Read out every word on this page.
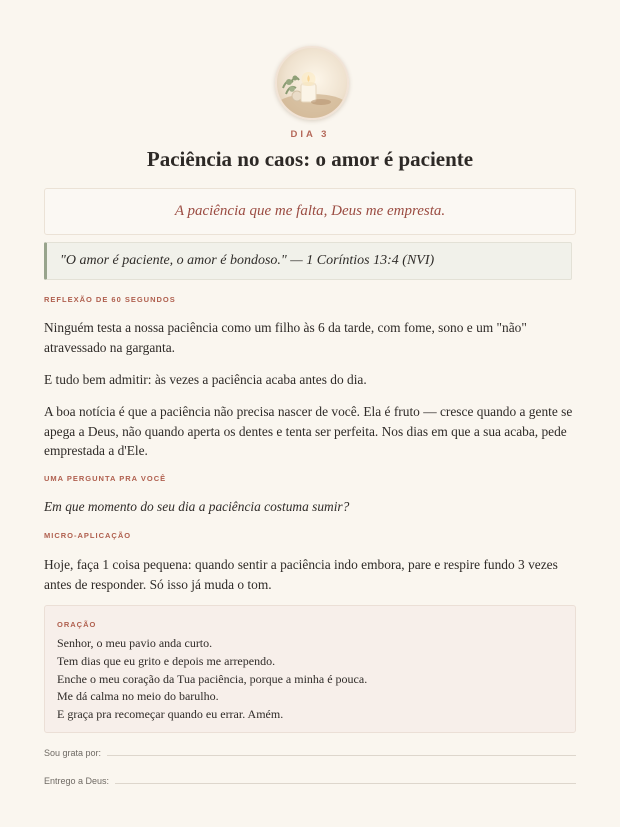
DIA 3
Paciência no caos: o amor é paciente
A paciência que me falta, Deus me empresta.
"O amor é paciente, o amor é bondoso." — 1 Coríntios 13:4 (NVI)
REFLEXÃO DE 60 SEGUNDOS

Ninguém testa a nossa paciência como um filho às 6 da tarde, com fome, sono e um "não" atravessado na garganta.

E tudo bem admitir: às vezes a paciência acaba antes do dia.

A boa notícia é que a paciência não precisa nascer de você. Ela é fruto — cresce quando a gente se apega a Deus, não quando aperta os dentes e tenta ser perfeita. Nos dias em que a sua acaba, pede emprestada a d'Ele.

UMA PERGUNTA PRA VOCÊ

Em que momento do seu dia a paciência costuma sumir?

MICRO-APLICAÇÃO

Hoje, faça 1 coisa pequena: quando sentir a paciência indo embora, pare e respire fundo 3 vezes antes de responder. Só isso já muda o tom.

ORAÇÃO
Senhor, o meu pavio anda curto.
Tem dias que eu grito e depois me arrependo.
Enche o meu coração da Tua paciência, porque a minha é pouca.
Me dá calma no meio do barulho.
E graça pra recomeçar quando eu errar. Amém.
Sou grata por:
Entrego a Deus:
